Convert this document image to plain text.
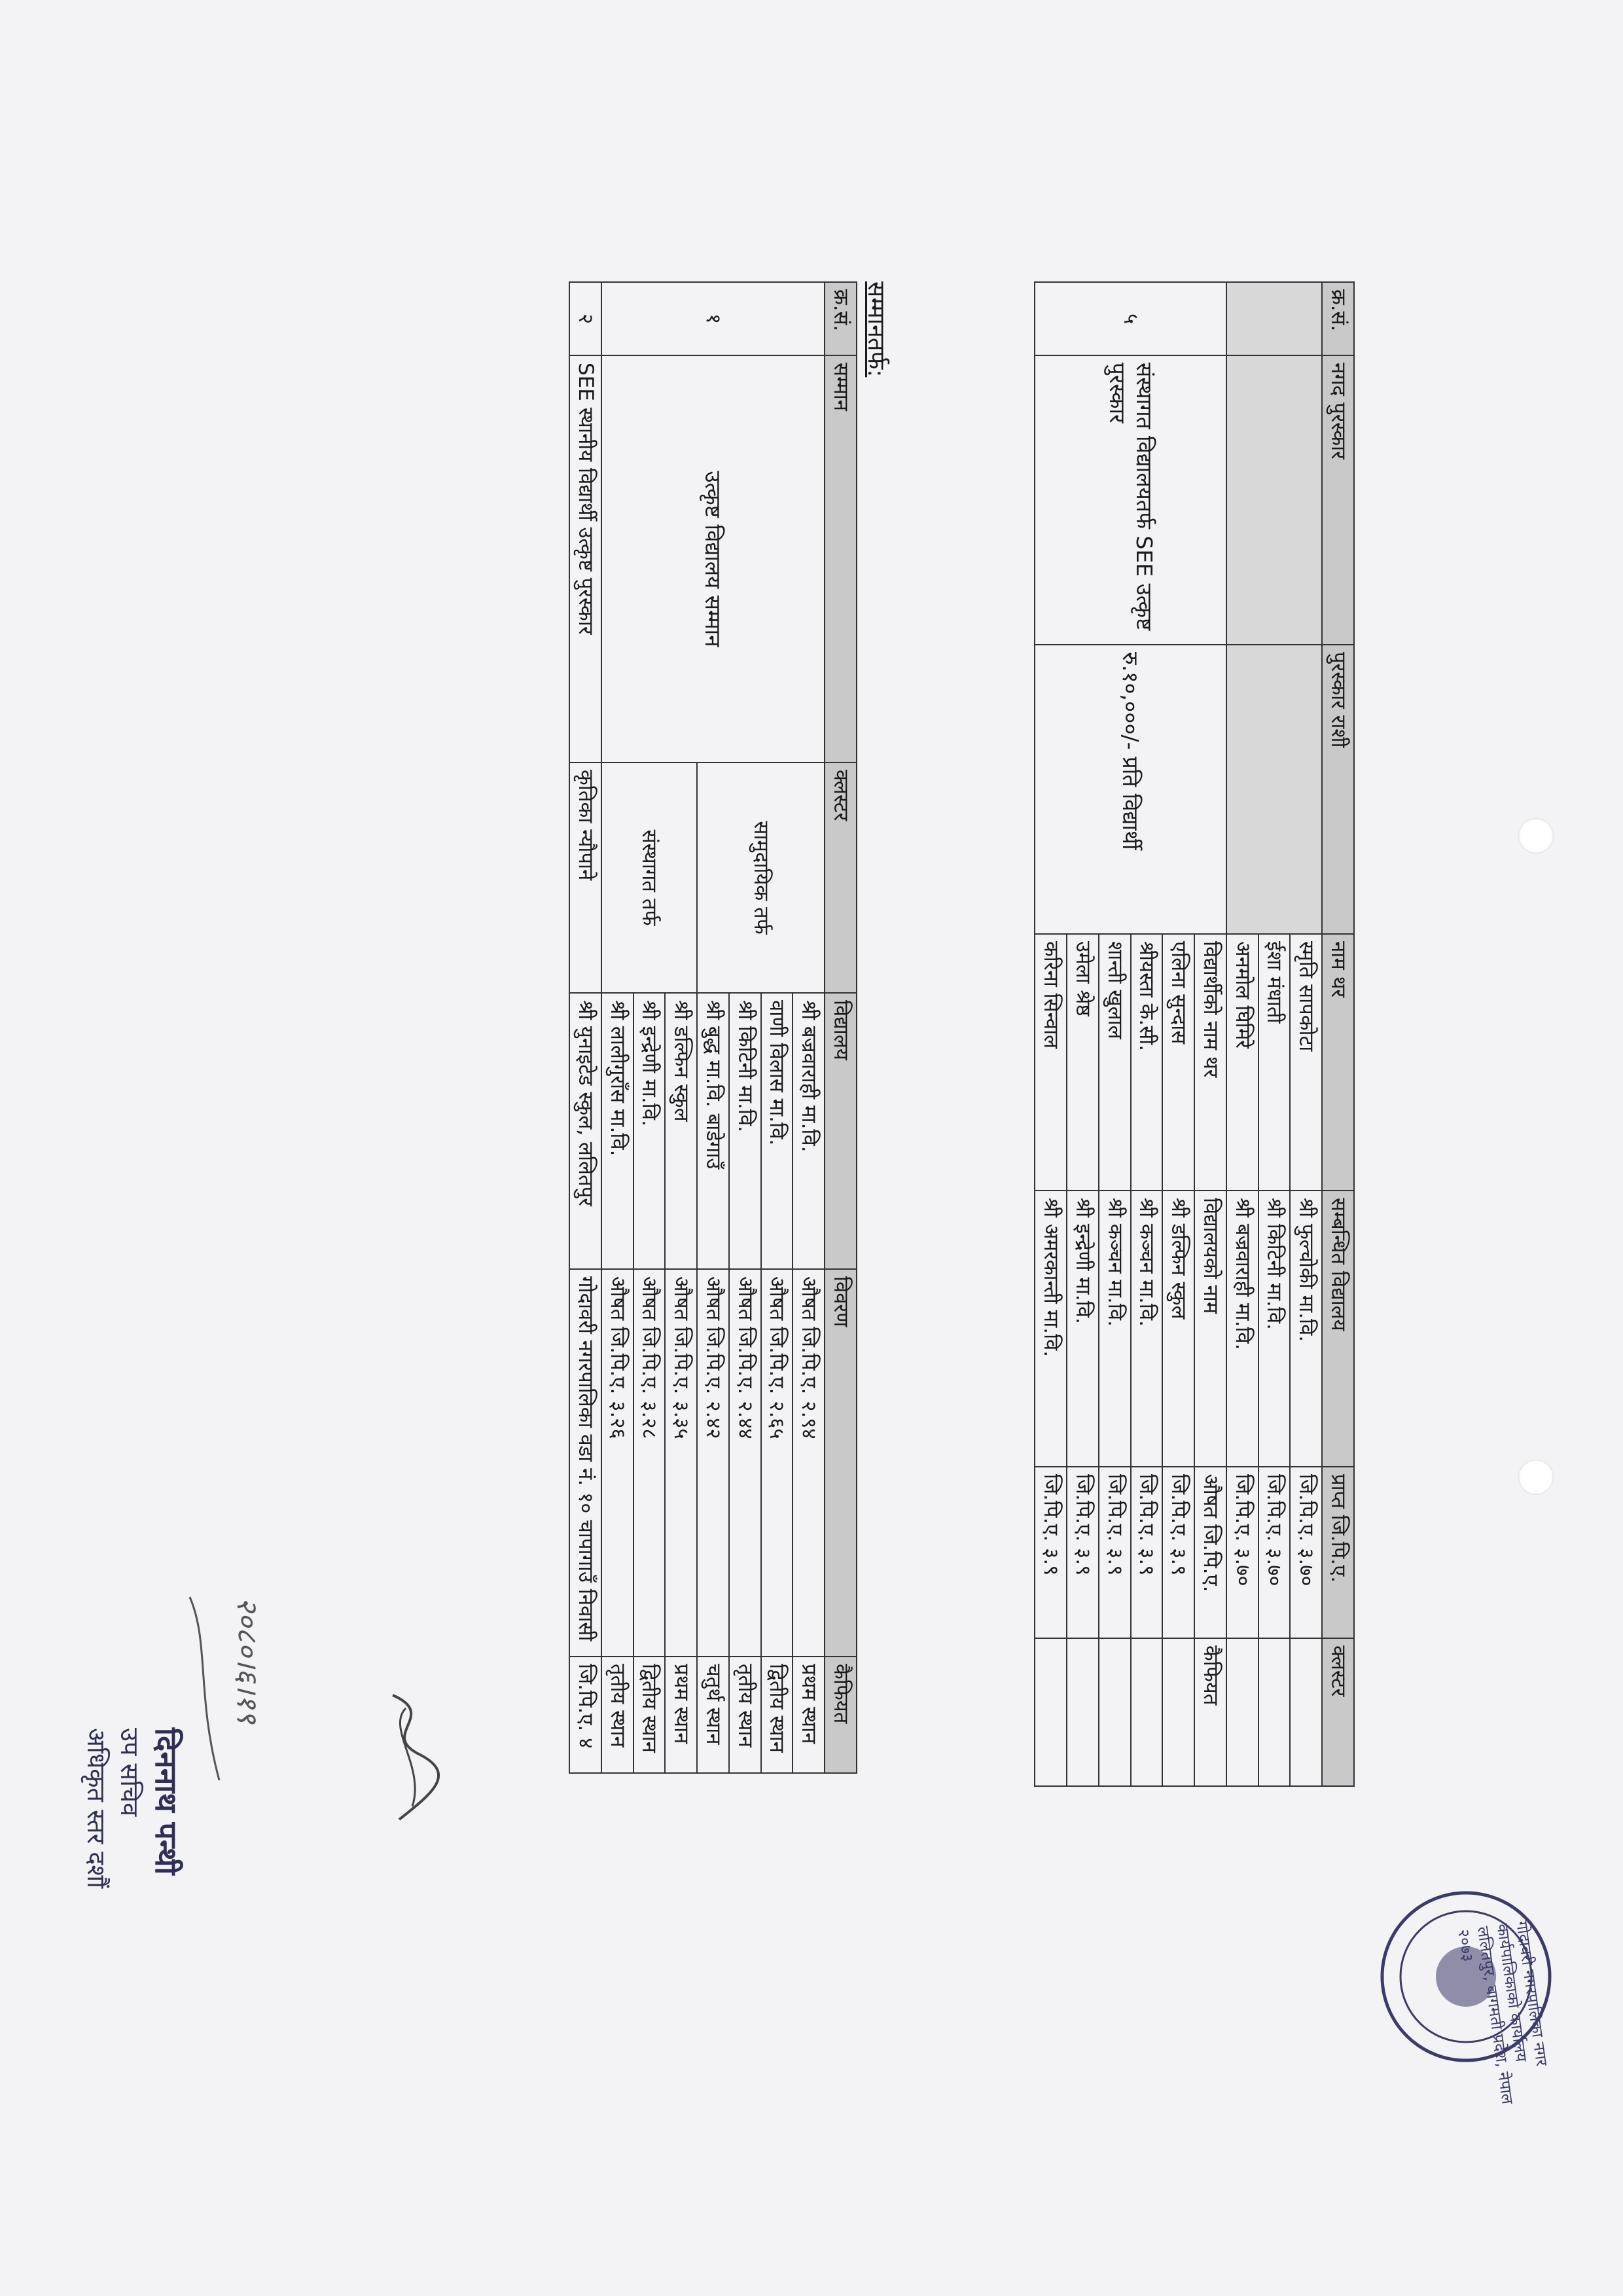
गोदावरी नगरपालिका नगर कार्यपालिकाको कार्यालय ललितपुर, बागमती प्रदेश, नेपाल २०७३
क्र.सं.	नगद पुरस्कार	पुरस्कार राशी	नाम थर	सम्बन्धित विद्यालय	प्राप्त जि.पि.ए.	क्लस्टर
			स्मृति सापकोटा	श्री फुल्चोकी मा.वि.	जि.पि.ए. ३.७०	
			ईशा मंधाती	श्री किटिनी मा.वि.	जि.पि.ए. ३.७०	
			अनमोल घिमिरे	श्री बज्रवाराही मा.वि.	जि.पि.ए. ३.७०	
५	संस्थागत विद्यालयतर्फ SEE उत्कृष्ट पुरस्कार	रु.१०,०००/- प्रति विद्यार्थी	विद्यार्थीको नाम थर	विद्यालयको नाम	औषत जि.पि.ए.	कैफियत
			एलिना सुन्दास	श्री डल्फिन स्कुल	जि.पि.ए. ३.९	
			श्रीयस्ता के.सी.	श्री कञ्चन मा.वि.	जि.पि.ए. ३.९	
			शान्ती खुलाल	श्री कञ्चन मा.वि.	जि.पि.ए. ३.९	
			उमेला श्रेष्ठ	श्री इन्द्रेणी मा.वि.	जि.पि.ए. ३.९	
			करिना सिन्वाल	श्री अमरकान्ती मा.वि.	जि.पि.ए. ३.९	
सम्मानतर्फ:
क्र.सं.	सम्मान	क्लस्टर	विद्यालय	विवरण	कैफियत
१	उत्कृष्ट विद्यालय सम्मान	सामुदायिक तर्फ	श्री बज्रवाराही मा.वि.	औषत जि.पि.ए. २.९४	प्रथम स्थान
			वाणी विलास मा.वि.	औषत जि.पि.ए. २.६५	द्वितीय स्थान
			श्री किटिनी मा.वि.	औषत जि.पि.ए. २.४४	तृतीय स्थान
			श्री बुद्ध मा.वि. बाडेगाउँ	औषत जि.पि.ए. २.४२	चतुर्थ स्थान
		संस्थागत तर्फ	श्री डल्फिन स्कुल	औषत जि.पि.ए. ३.३५	प्रथम स्थान
			श्री इन्द्रेणी मा.वि.	औषत जि.पि.ए. ३.२८	द्वितीय स्थान
			श्री लालीगुराँस मा.वि.	औषत जि.पि.ए. ३.२६	तृतीय स्थान
२	SEE स्थानीय विद्यार्थी उत्कृष्ट पुरस्कार	कृतिका न्यौपाने	श्री युनाइटेड स्कुल, ललितपुर	गोदावरी नगरपालिका वडा नं. १० चापागाउँ निवासी	जि.पि.ए. ४
२०८०।६।१९
दिननाथ पन्थी
उप सचिव
अधिकृत स्तर दशौं
